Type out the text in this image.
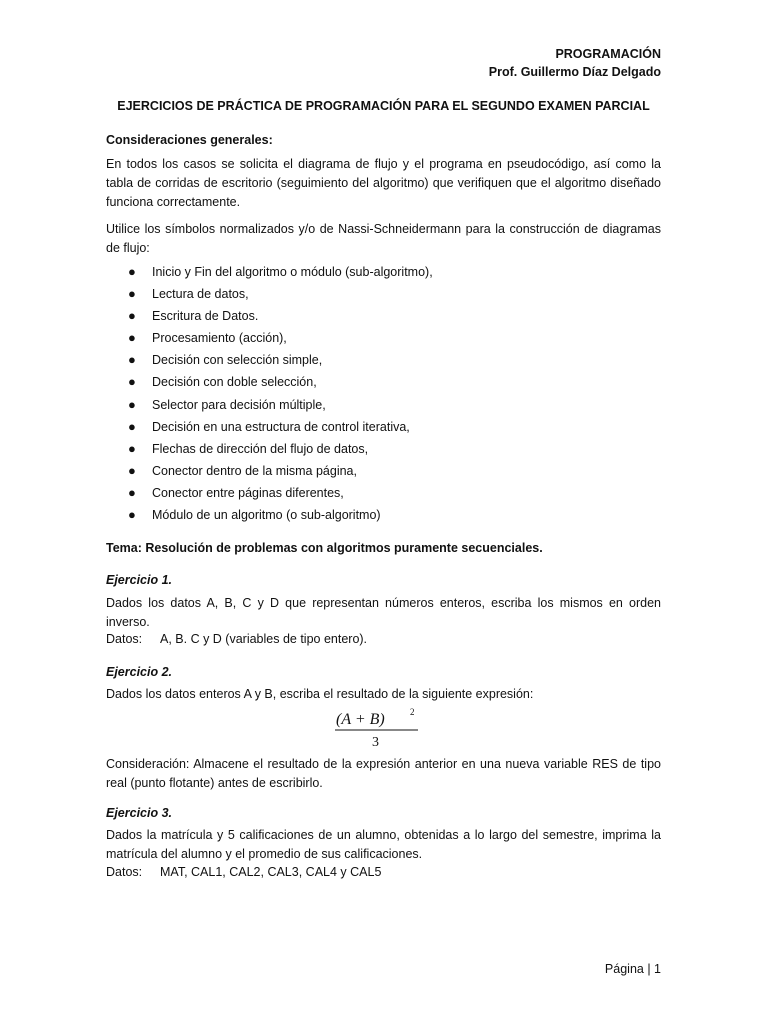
PROGRAMACIÓN
Prof. Guillermo Díaz Delgado
EJERCICIOS DE PRÁCTICA DE PROGRAMACIÓN PARA EL SEGUNDO EXAMEN PARCIAL
Consideraciones generales:
En todos los casos se solicita el diagrama de flujo y el programa en pseudocódigo, así como la tabla de corridas de escritorio (seguimiento del algoritmo) que verifiquen que el algoritmo diseñado funciona correctamente.
Utilice los símbolos normalizados y/o de Nassi-Schneidermann para la construcción de diagramas de flujo:
● Inicio y Fin del algoritmo o módulo (sub-algoritmo),
● Lectura de datos,
● Escritura de Datos.
● Procesamiento (acción),
● Decisión con selección simple,
● Decisión con doble selección,
● Selector para decisión múltiple,
● Decisión en una estructura de control iterativa,
● Flechas de dirección del flujo de datos,
● Conector dentro de la misma página,
● Conector entre páginas diferentes,
● Módulo de un algoritmo (o sub-algoritmo)
Tema: Resolución de problemas con algoritmos puramente secuenciales.
Ejercicio 1.
Dados los datos A, B, C y D que representan números enteros, escriba los mismos en orden inverso.
Datos: A, B. C y D (variables de tipo entero).
Ejercicio 2.
Dados los datos enteros A y B, escriba el resultado de la siguiente expresión:
(A + B)	2
3
Consideración: Almacene el resultado de la expresión anterior en una nueva variable RES de tipo real (punto flotante) antes de escribirlo.
Ejercicio 3.
Dados la matrícula y 5 calificaciones de un alumno, obtenidas a lo largo del semestre, imprima la matrícula del alumno y el promedio de sus calificaciones.
Datos: MAT, CAL1, CAL2, CAL3, CAL4 y CAL5
Página | 1
